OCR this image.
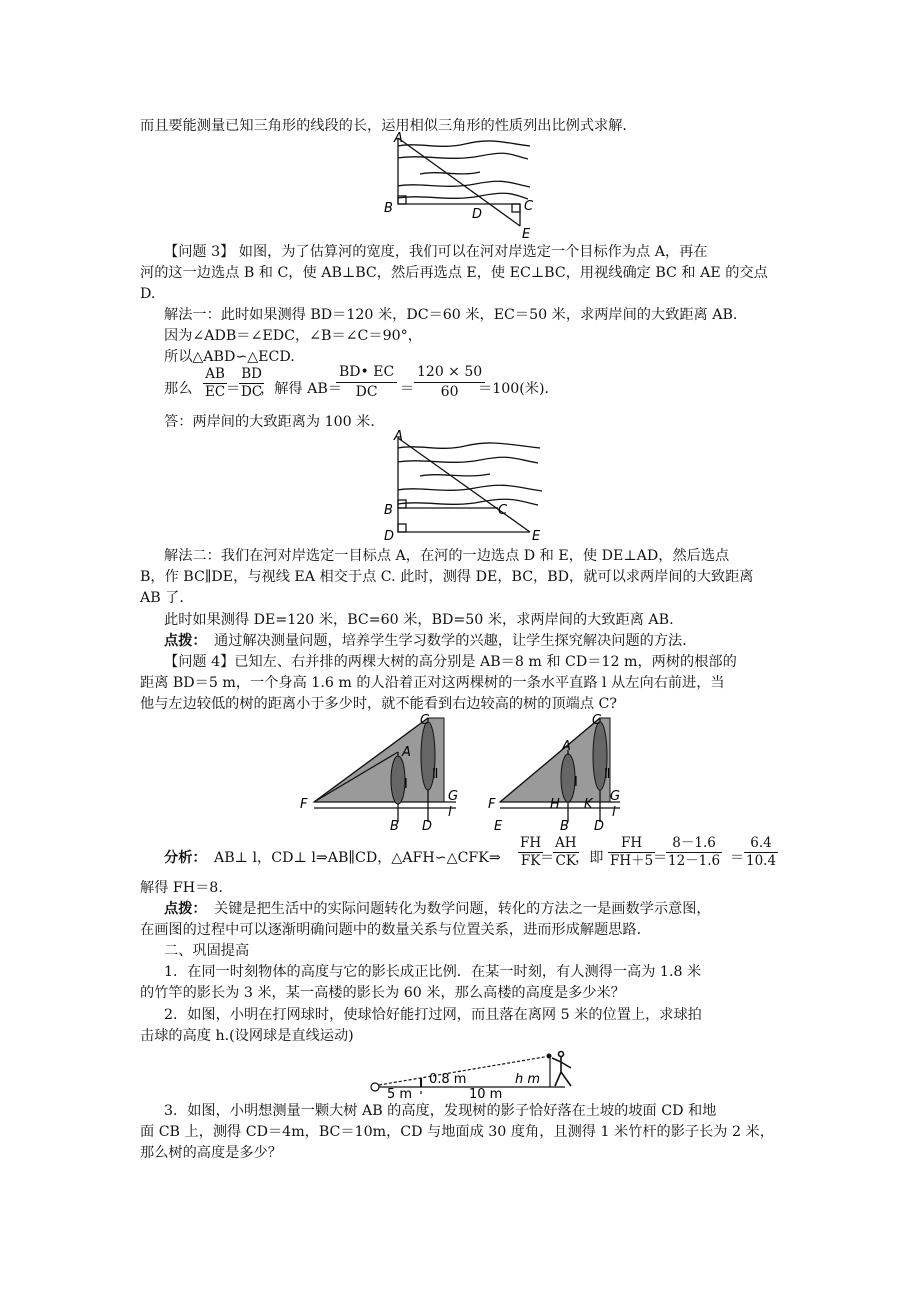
而且要能测量已知三角形的线段的长，运用相似三角形的性质列出比例式求解．
A
B	D
C
E
【问题 3】 如图，为了估算河的宽度，我们可以在河对岸选定一个目标作为点 A，再在
河的这一边选点 B 和 C，使 AB⊥BC，然后再选点 E，使 EC⊥BC，用视线确定 BC 和 AE 的交点
D.
解法一：此时如果测得 BD＝120 米，DC＝60 米，EC＝50 米，求两岸间的大致距离 AB.
因为∠ADB＝∠EDC，∠B＝∠C＝90°，
所以△ABD∽△ECD.
那么 $\frac{AB}{EC}$
＝
$\frac{BD}{DC}$
，解得 AB＝
$\frac{BD• EC}{DC} = \frac{120 \times 50}{60}$
＝100(米)．
答：两岸间的大致距离为 100 米．
A
B	C
D	E
解法二：我们在河对岸选定一目标点 A，在河的一边选点 D 和 E，使 DE⊥AD，然后选点
B，作 BC∥DE，与视线 EA 相交于点 C. 此时，测得 DE，BC，BD，就可以求两岸间的大致距离
AB 了．
此时如果测得 DE=120 米，BC=60 米，BD=50 米，求两岸间的大致距离 AB.
点拨： 通过解决测量问题，培养学生学习数学的兴趣，让学生探究解决问题的方法．
【问题 4】已知左、右并排的两棵大树的高分别是 AB＝8 m 和 CD＝12 m，两树的根部的
距离 BD＝5 m，一个身高 1.6 m 的人沿着正对这两棵树的一条水平直路 l 从左向右前进，当
他与左边较低的树的距离小于多少时，就不能看到右边较高的树的顶端点 C?
C
A
Ⅰ
Ⅱ
F
G
l
B D
C
A
Ⅰ
Ⅱ
F
G
H K
l
E	B D
分析： AB⊥ l，CD⊥ l⇒AB∥CD，△AFH∽△CFK⇒ $\frac{FH}{FK}$
＝
$\frac{AH}{CK}$
，即 $\frac{FH}{FH+5}$
＝
$\frac{8-1.6}{12-1.6} = \frac{6.4}{10.4}$
解得 FH＝8.
点拨： 关键是把生活中的实际问题转化为数学问题，转化的方法之一是画数学示意图，
在画图的过程中可以逐渐明确问题中的数量关系与位置关系，进而形成解题思路．
二、巩固提高
1．在同一时刻物体的高度与它的影长成正比例．在某一时刻，有人测得一高为 1.8 米
的竹竿的影长为 3 米，某一高楼的影长为 60 米，那么高楼的高度是多少米？
2．如图，小明在打网球时，使球恰好能打过网，而且落在离网 5 米的位置上，求球拍
击球的高度 h.(设网球是直线运动)
0.8 m	h m
5 m	10 m
3．如图，小明想测量一颗大树 AB 的高度，发现树的影子恰好落在土坡的坡面 CD 和地
面 CB 上，测得 CD＝4m，BC＝10m，CD 与地面成 30 度角，且测得 1 米竹杆的影子长为 2 米，
那么树的高度是多少？
